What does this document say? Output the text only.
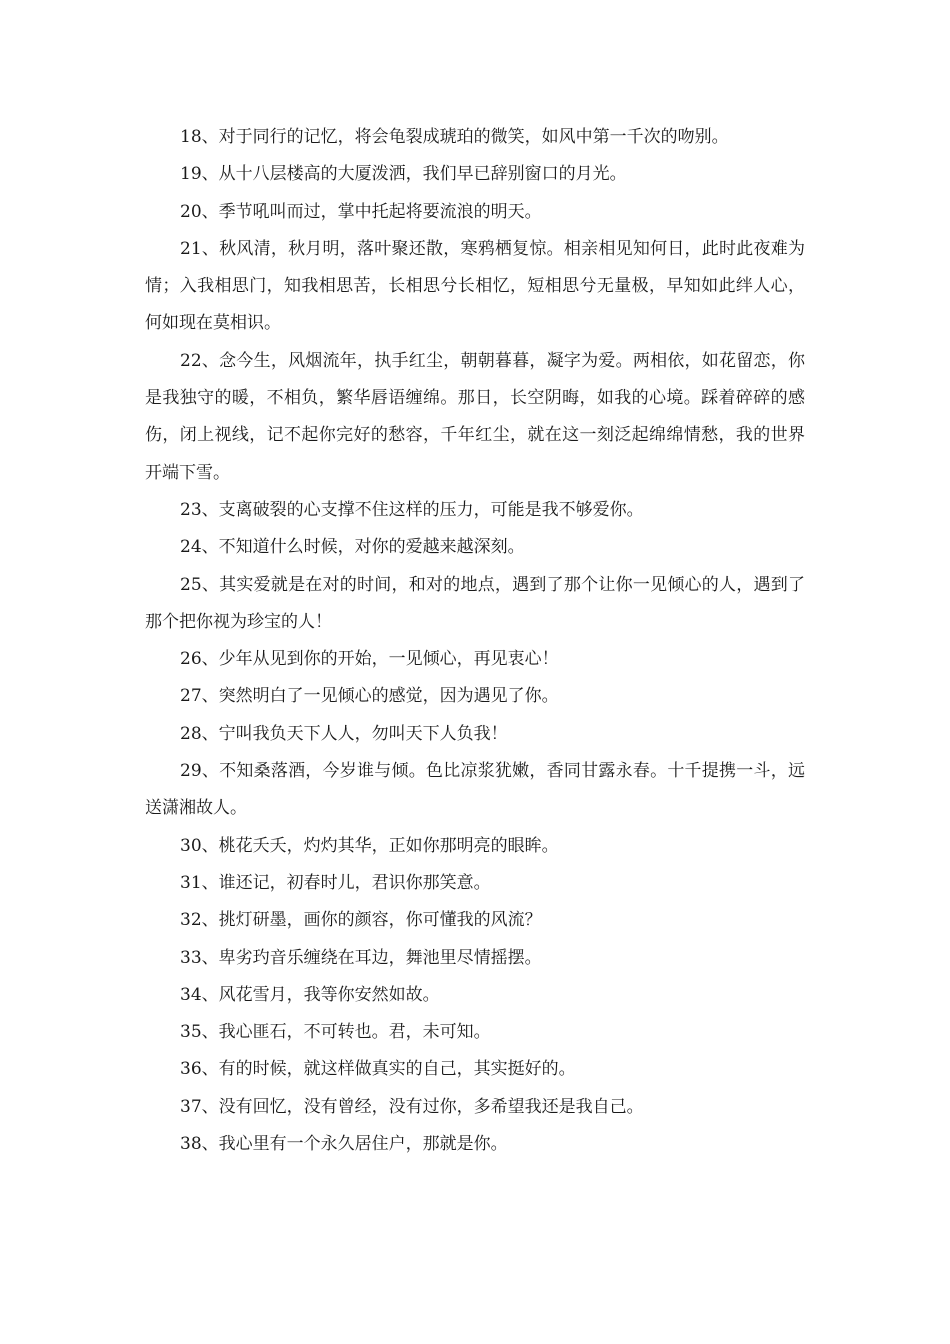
18、对于同行的记忆，将会龟裂成琥珀的微笑，如风中第一千次的吻别。

19、从十八层楼高的大厦泼洒，我们早已辞别窗口的月光。

20、季节吼叫而过，掌中托起将要流浪的明天。

21、秋风清，秋月明，落叶聚还散，寒鸦栖复惊。相亲相见知何日，此时此夜难为情；入我相思门，知我相思苦，长相思兮长相忆，短相思兮无量极，早知如此绊人心，何如现在莫相识。

22、念今生，风烟流年，执手红尘，朝朝暮暮，凝字为爱。两相依，如花留恋，你是我独守的暖，不相负，繁华唇语缠绵。那日，长空阴晦，如我的心境。踩着碎碎的感伤，闭上视线，记不起你完好的愁容，千年红尘，就在这一刻泛起绵绵情愁，我的世界开端下雪。

23、支离破裂的心支撑不住这样的压力，可能是我不够爱你。

24、不知道什么时候，对你的爱越来越深刻。

25、其实爱就是在对的时间，和对的地点，遇到了那个让你一见倾心的人，遇到了那个把你视为珍宝的人！

26、少年从见到你的开始，一见倾心，再见衷心！

27、突然明白了一见倾心的感觉，因为遇见了你。

28、宁叫我负天下人人，勿叫天下人负我！

29、不知桑落酒，今岁谁与倾。色比凉浆犹嫩，香同甘露永春。十千提携一斗，远送潇湘故人。

30、桃花夭夭，灼灼其华，正如你那明亮的眼眸。

31、谁还记，初春时儿，君识你那笑意。

32、挑灯研墨，画你的颜容，你可懂我的风流？

33、卑劣玓音乐缠绕在耳边，舞池里尽情摇摆。

34、风花雪月，我等你安然如故。

35、我心匪石，不可转也。君，未可知。

36、有的时候，就这样做真实的自己，其实挺好的。

37、没有回忆，没有曾经，没有过你，多希望我还是我自己。

38、我心里有一个永久居住户，那就是你。
